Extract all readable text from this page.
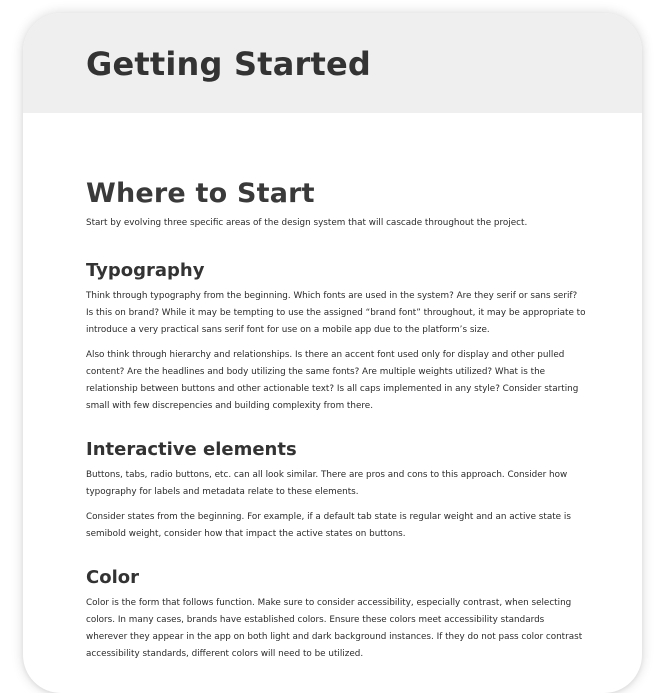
Getting Started
Where to Start

Start by evolving three specific areas of the design system that will cascade throughout the project.

Typography

Think through typography from the beginning. Which fonts are used in the system? Are they serif or sans serif? Is this on brand? While it may be tempting to use the assigned “brand font” throughout, it may be appropriate to introduce a very practical sans serif font for use on a mobile app due to the platform’s size.

Also think through hierarchy and relationships. Is there an accent font used only for display and other pulled content? Are the headlines and body utilizing the same fonts? Are multiple weights utilized? What is the relationship between buttons and other actionable text? Is all caps implemented in any style? Consider starting small with few discrepencies and building complexity from there.

Interactive elements

Buttons, tabs, radio buttons, etc. can all look similar. There are pros and cons to this approach. Consider how typography for labels and metadata relate to these elements.

Consider states from the beginning. For example, if a default tab state is regular weight and an active state is semibold weight, consider how that impact the active states on buttons.

Color

Color is the form that follows function. Make sure to consider accessibility, especially contrast, when selecting colors. In many cases, brands have established colors. Ensure these colors meet accessibility standards wherever they appear in the app on both light and dark background instances. If they do not pass color contrast accessibility standards, different colors will need to be utilized.
